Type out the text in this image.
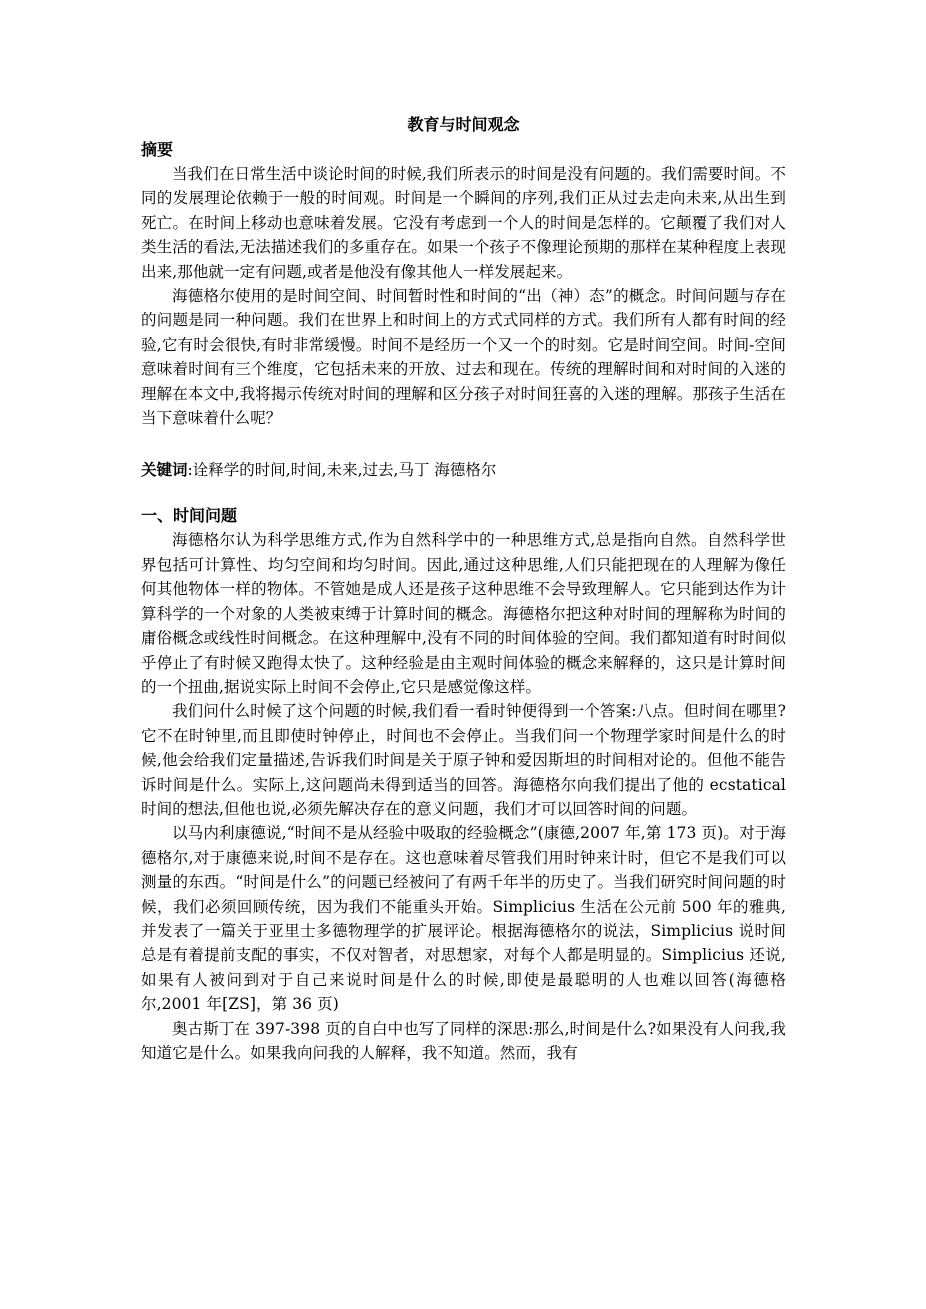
教育与时间观念
摘要

当我们在日常生活中谈论时间的时候,我们所表示的时间是没有问题的。我们需要时间。不同的发展理论依赖于一般的时间观。时间是一个瞬间的序列,我们正从过去走向未来,从出生到死亡。在时间上移动也意味着发展。它没有考虑到一个人的时间是怎样的。它颠覆了我们对人类生活的看法,无法描述我们的多重存在。如果一个孩子不像理论预期的那样在某种程度上表现出来,那他就一定有问题,或者是他没有像其他人一样发展起来。

海德格尔使用的是时间空间、时间暂时性和时间的“出（神）态”的概念。时间问题与存在的问题是同一种问题。我们在世界上和时间上的方式式同样的方式。我们所有人都有时间的经验,它有时会很快,有时非常缓慢。时间不是经历一个又一个的时刻。它是时间空间。时间-空间意味着时间有三个维度，它包括未来的开放、过去和现在。传统的理解时间和对时间的入迷的理解在本文中,我将揭示传统对时间的理解和区分孩子对时间狂喜的入迷的理解。那孩子生活在当下意味着什么呢？

关键词:诠释学的时间,时间,未来,过去,马丁 海德格尔
一、时间问题

海德格尔认为科学思维方式,作为自然科学中的一种思维方式,总是指向自然。自然科学世界包括可计算性、均匀空间和均匀时间。因此,通过这种思维,人们只能把现在的人理解为像任何其他物体一样的物体。不管她是成人还是孩子这种思维不会导致理解人。它只能到达作为计算科学的一个对象的人类被束缚于计算时间的概念。海德格尔把这种对时间的理解称为时间的庸俗概念或线性时间概念。在这种理解中,没有不同的时间体验的空间。我们都知道有时时间似乎停止了有时候又跑得太快了。这种经验是由主观时间体验的概念来解释的，这只是计算时间的一个扭曲,据说实际上时间不会停止,它只是感觉像这样。

我们问什么时候了这个问题的时候,我们看一看时钟便得到一个答案:八点。但时间在哪里?它不在时钟里,而且即使时钟停止，时间也不会停止。当我们问一个物理学家时间是什么的时候,他会给我们定量描述,告诉我们时间是关于原子钟和爱因斯坦的时间相对论的。但他不能告诉时间是什么。实际上,这问题尚未得到适当的回答。海德格尔向我们提出了他的 ecstatical 时间的想法,但他也说,必须先解决存在的意义问题，我们才可以回答时间的问题。

以马内利康德说,“时间不是从经验中吸取的经验概念”(康德,2007 年,第 173 页)。对于海德格尔,对于康德来说,时间不是存在。这也意味着尽管我们用时钟来计时，但它不是我们可以测量的东西。“时间是什么”的问题已经被问了有两千年半的历史了。当我们研究时间问题的时候，我们必须回顾传统，因为我们不能重头开始。Simplicius 生活在公元前 500 年的雅典,并发表了一篇关于亚里士多德物理学的扩展评论。根据海德格尔的说法，Simplicius 说时间总是有着提前支配的事实，不仅对智者，对思想家，对每个人都是明显的。Simplicius 还说,如果有人被问到对于自己来说时间是什么的时候,即使是最聪明的人也难以回答(海德格尔,2001 年[ZS]，第 36 页)

奥古斯丁在 397-398 页的自白中也写了同样的深思:那么,时间是什么?如果没有人问我,我知道它是什么。如果我向问我的人解释，我不知道。然而，我有
